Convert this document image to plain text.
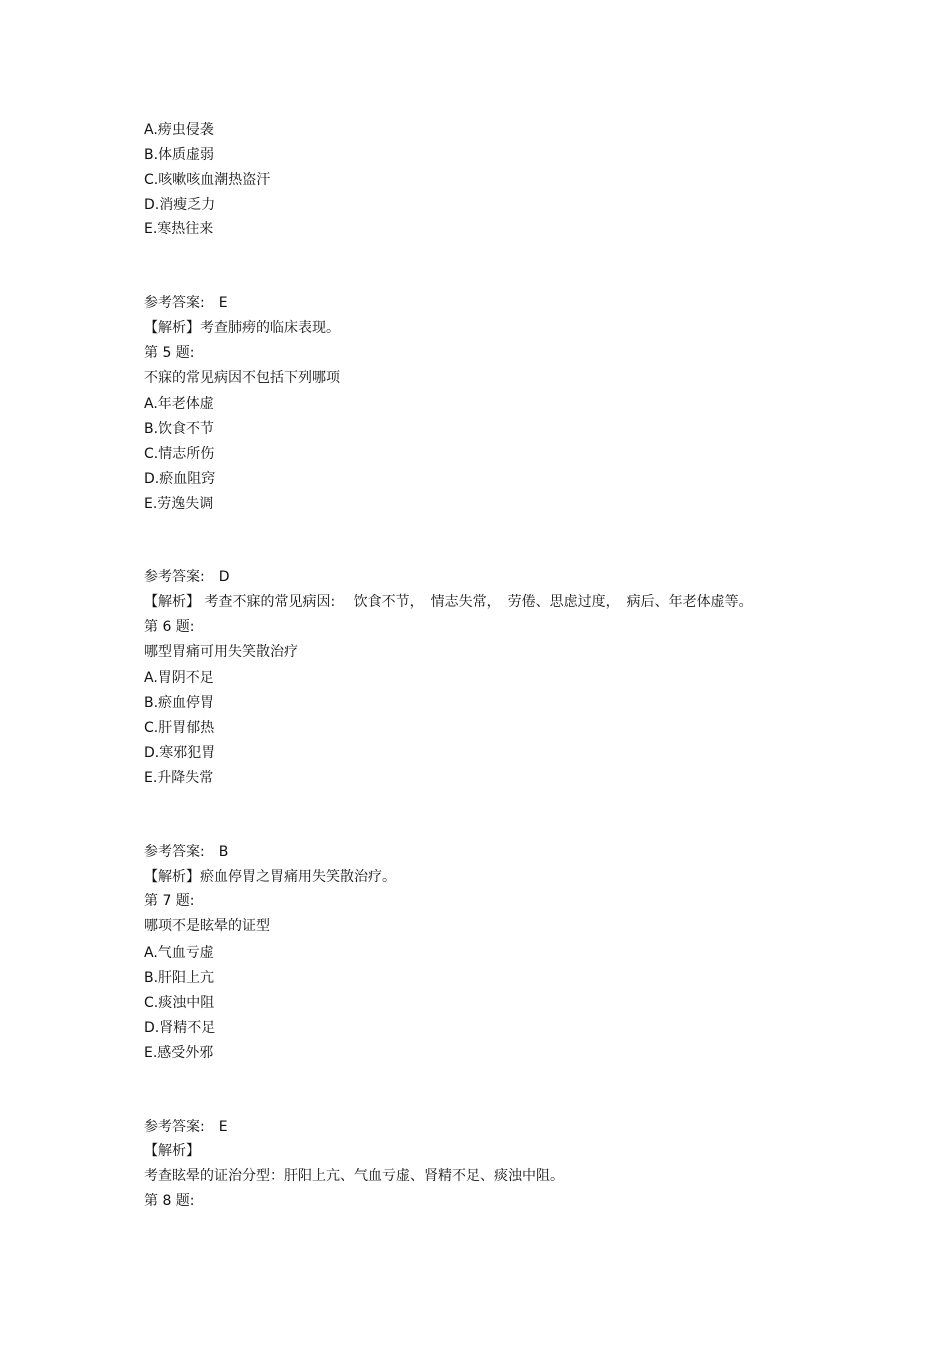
A.痨虫侵袭
B.体质虚弱
C.咳嗽咳血潮热盗汗
D.消瘦乏力
E.寒热往来
参考答案:　E
【解析】考查肺痨的临床表现。
第 5 题:
不寐的常见病因不包括下列哪项
A.年老体虚
B.饮食不节
C.情志所伤
D.瘀血阻窍
E.劳逸失调
参考答案:　D
【解析】 考查不寐的常见病因:　 饮食不节，　情志失常，　劳倦、思虑过度，　病后、年老体虚等。
第 6 题:
哪型胃痛可用失笑散治疗
A.胃阴不足
B.瘀血停胃
C.肝胃郁热
D.寒邪犯胃
E.升降失常
参考答案:　B
【解析】瘀血停胃之胃痛用失笑散治疗。
第 7 题:
哪项不是眩晕的证型
A.气血亏虚
B.肝阳上亢
C.痰浊中阻
D.肾精不足
E.感受外邪
参考答案:　E
【解析】
考查眩晕的证治分型：肝阳上亢、气血亏虚、肾精不足、痰浊中阻。
第 8 题:
